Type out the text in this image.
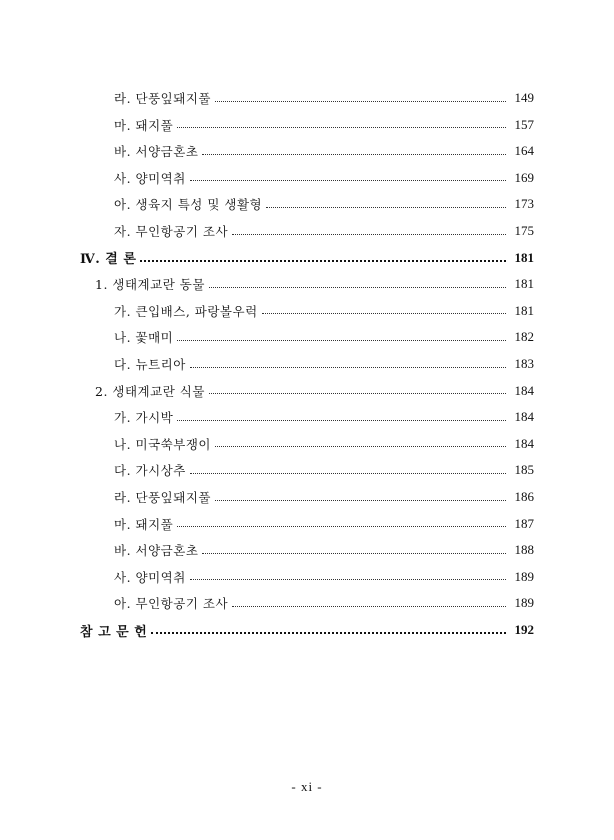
라. 단풍잎돼지풀	149
마. 돼지풀	157
바. 서양금혼초	164
사. 양미역취	169
아. 생육지 특성 및 생활형	173
자. 무인항공기 조사	175
Ⅳ. 결 론	181
1. 생태계교란 동물	181
가. 큰입배스, 파랑볼우럭	181
나. 꽃매미	182
다. 뉴트리아	183
2. 생태계교란 식물	184
가. 가시박	184
나. 미국쑥부쟁이	184
다. 가시상추	185
라. 단풍잎돼지풀	186
마. 돼지풀	187
바. 서양금혼초	188
사. 양미역취	189
아. 무인항공기 조사	189
참 고 문 헌	192
- xi -
